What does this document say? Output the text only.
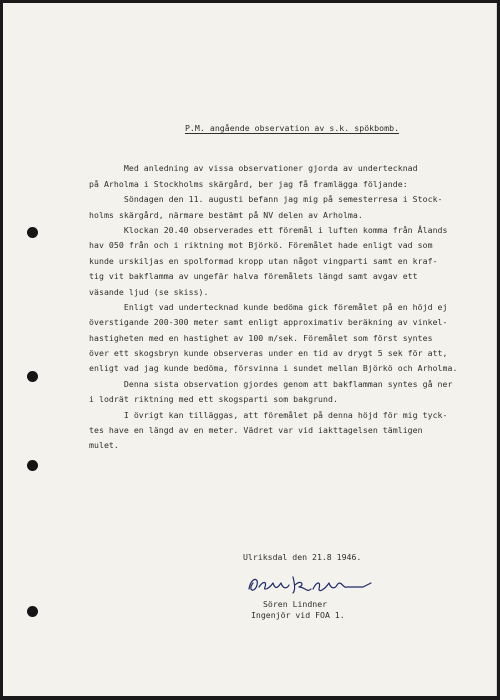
P.M. angående observation av s.k. spökbomb.
Med anledning av vissa observationer gjorda av undertecknad
på Arholma i Stockholms skärgård, ber jag få framlägga följande:
Söndagen den 11. augusti befann jag mig på semesterresa i Stock-
holms skärgård, närmare bestämt på NV delen av Arholma.
Klockan 20.40 observerades ett föremål i luften komma från Ålands
hav 050 från och i riktning mot Björkö. Föremålet hade enligt vad som
kunde urskiljas en spolformad kropp utan något vingparti samt en kraf-
tig vit bakflamma av ungefär halva föremålets längd samt avgav ett
väsande ljud (se skiss).
Enligt vad undertecknad kunde bedöma gick föremålet på en höjd ej
överstigande 200-300 meter samt enligt approximativ beräkning av vinkel-
hastigheten med en hastighet av 100 m/sek. Föremålet som först syntes
över ett skogsbryn kunde observeras under en tid av drygt 5 sek för att,
enligt vad jag kunde bedöma, försvinna i sundet mellan Björkö och Arholma.
Denna sista observation gjordes genom att bakflamman syntes gå ner
i lodrät riktning med ett skogsparti som bakgrund.
I övrigt kan tilläggas, att föremålet på denna höjd för mig tyck-
tes have en längd av en meter. Vädret var vid iakttagelsen tämligen
mulet.
Ulriksdal den 21.8 1946.
Sören Lindner
Ingenjör vid FOA 1.
